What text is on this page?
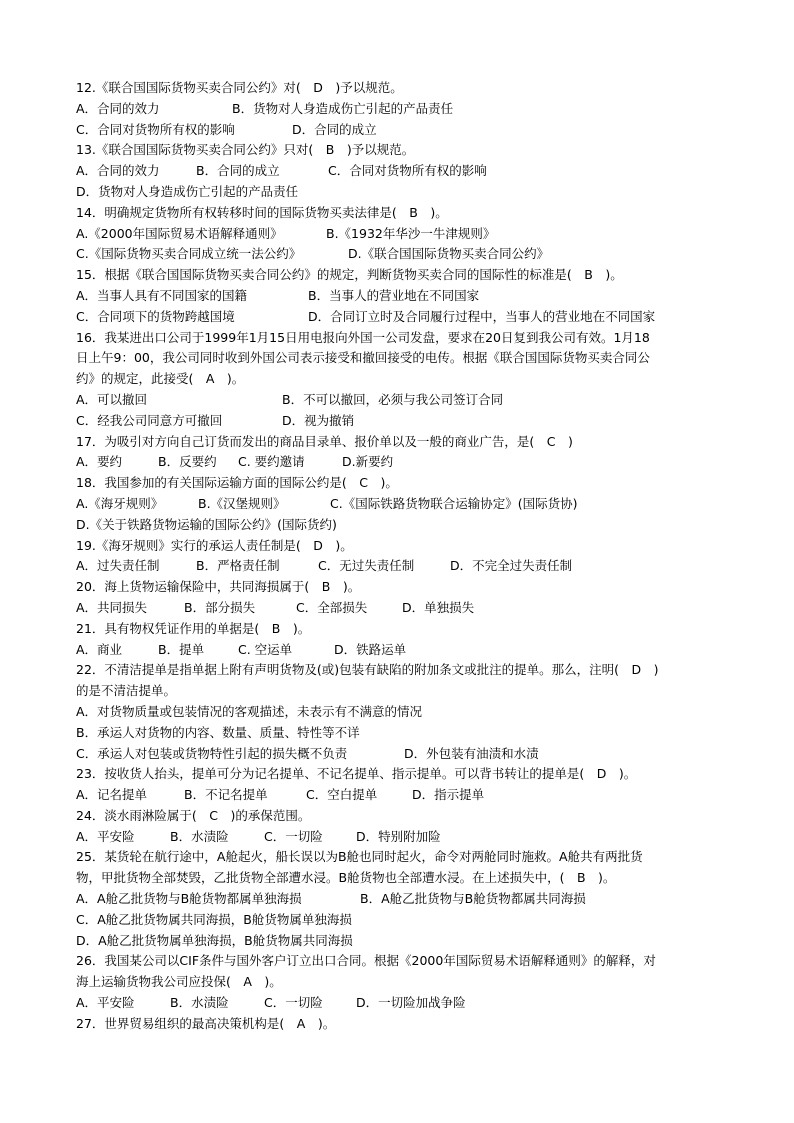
12.《联合国国际货物买卖合同公约》对(　D　)予以规范。
A．合同的效力	B．货物对人身造成伤亡引起的产品责任
C．合同对货物所有权的影响	D．合同的成立
13.《联合国国际货物买卖合同公约》只对(　B　)予以规范。
A．合同的效力	B．合同的成立	C．合同对货物所有权的影响
D．货物对人身造成伤亡引起的产品责任
14．明确规定货物所有权转移时间的国际货物买卖法律是(　B　)。
A.《2000年国际贸易术语解释通则》	B.《1932年华沙一牛津规则》
C.《国际货物买卖合同成立统一法公约》	D.《联合国国际货物买卖合同公约》
15．根据《联合国国际货物买卖合同公约》的规定，判断货物买卖合同的国际性的标准是(　B　)。
A．当事人具有不同国家的国籍	B．当事人的营业地在不同国家
C．合同项下的货物跨越国境	D．合同订立时及合同履行过程中，当事人的营业地在不同国家
16．我某进出口公司于1999年1月15日用电报向外国一公司发盘，要求在20日复到我公司有效。1月18
日上午9：00，我公司同时收到外国公司表示接受和撤回接受的电传。根据《联合国国际货物买卖合同公
约》的规定，此接受(　A　)。
A．可以撤回	B．不可以撤回，必须与我公司签订合同
C．经我公司同意方可撤回	D．视为撤销
17．为吸引对方向自己订货而发出的商品目录单、报价单以及一般的商业广告，是(　C　)
A．要约	B．反要约	C. 要约邀请	D.新要约
18．我国参加的有关国际运输方面的国际公约是(　C　)。
A.《海牙规则》	B.《汉堡规则》	C.《国际铁路货物联合运输协定》(国际货协)
D.《关于铁路货物运输的国际公约》(国际货约)
19.《海牙规则》实行的承运人责任制是(　D　)。
A．过失责任制	B．严格责任制	C．无过失责任制	D．不完全过失责任制
20．海上货物运输保险中，共同海损属于(　B　)。
A．共同损失	B．部分损失	C．全部损失	D．单独损失
21．具有物权凭证作用的单据是(　B　)。
A．商业	B．提单	C. 空运单	D．铁路运单
22．不清洁提单是指单据上附有声明货物及(或)包装有缺陷的附加条文或批注的提单。那么，注明(　D　)
的是不清洁提单。
A．对货物质量或包装情况的客观描述，未表示有不满意的情况
B．承运人对货物的内容、数量、质量、特性等不详
C．承运人对包装或货物特性引起的损失概不负责	D．外包装有油渍和水渍
23．按收货人抬头，提单可分为记名提单、不记名提单、指示提单。可以背书转让的提单是(　D　)。
A．记名提单	B．不记名提单	C．空白提单	D．指示提单
24．淡水雨淋险属于(　C　)的承保范围。
A．平安险	B．水渍险	C．一切险	D．特别附加险
25．某货轮在航行途中，A舱起火，船长误以为B舱也同时起火，命令对两舱同时施救。A舱共有两批货
物，甲批货物全部焚毁，乙批货物全部遭水浸。B舱货物也全部遭水浸。在上述损失中，(　B　)。
A．A舱乙批货物与B舱货物都属单独海损	B．A舱乙批货物与B舱货物都属共同海损
C．A舱乙批货物属共同海损，B舱货物属单独海损
D．A舱乙批货物属单独海损，B舱货物属共同海损
26．我国某公司以CIF条件与国外客户订立出口合同。根据《2000年国际贸易术语解释通则》的解释，对
海上运输货物我公司应投保(　A　)。
A．平安险	B．水渍险	C．一切险	D．一切险加战争险
27．世界贸易组织的最高决策机构是(　A　)。
